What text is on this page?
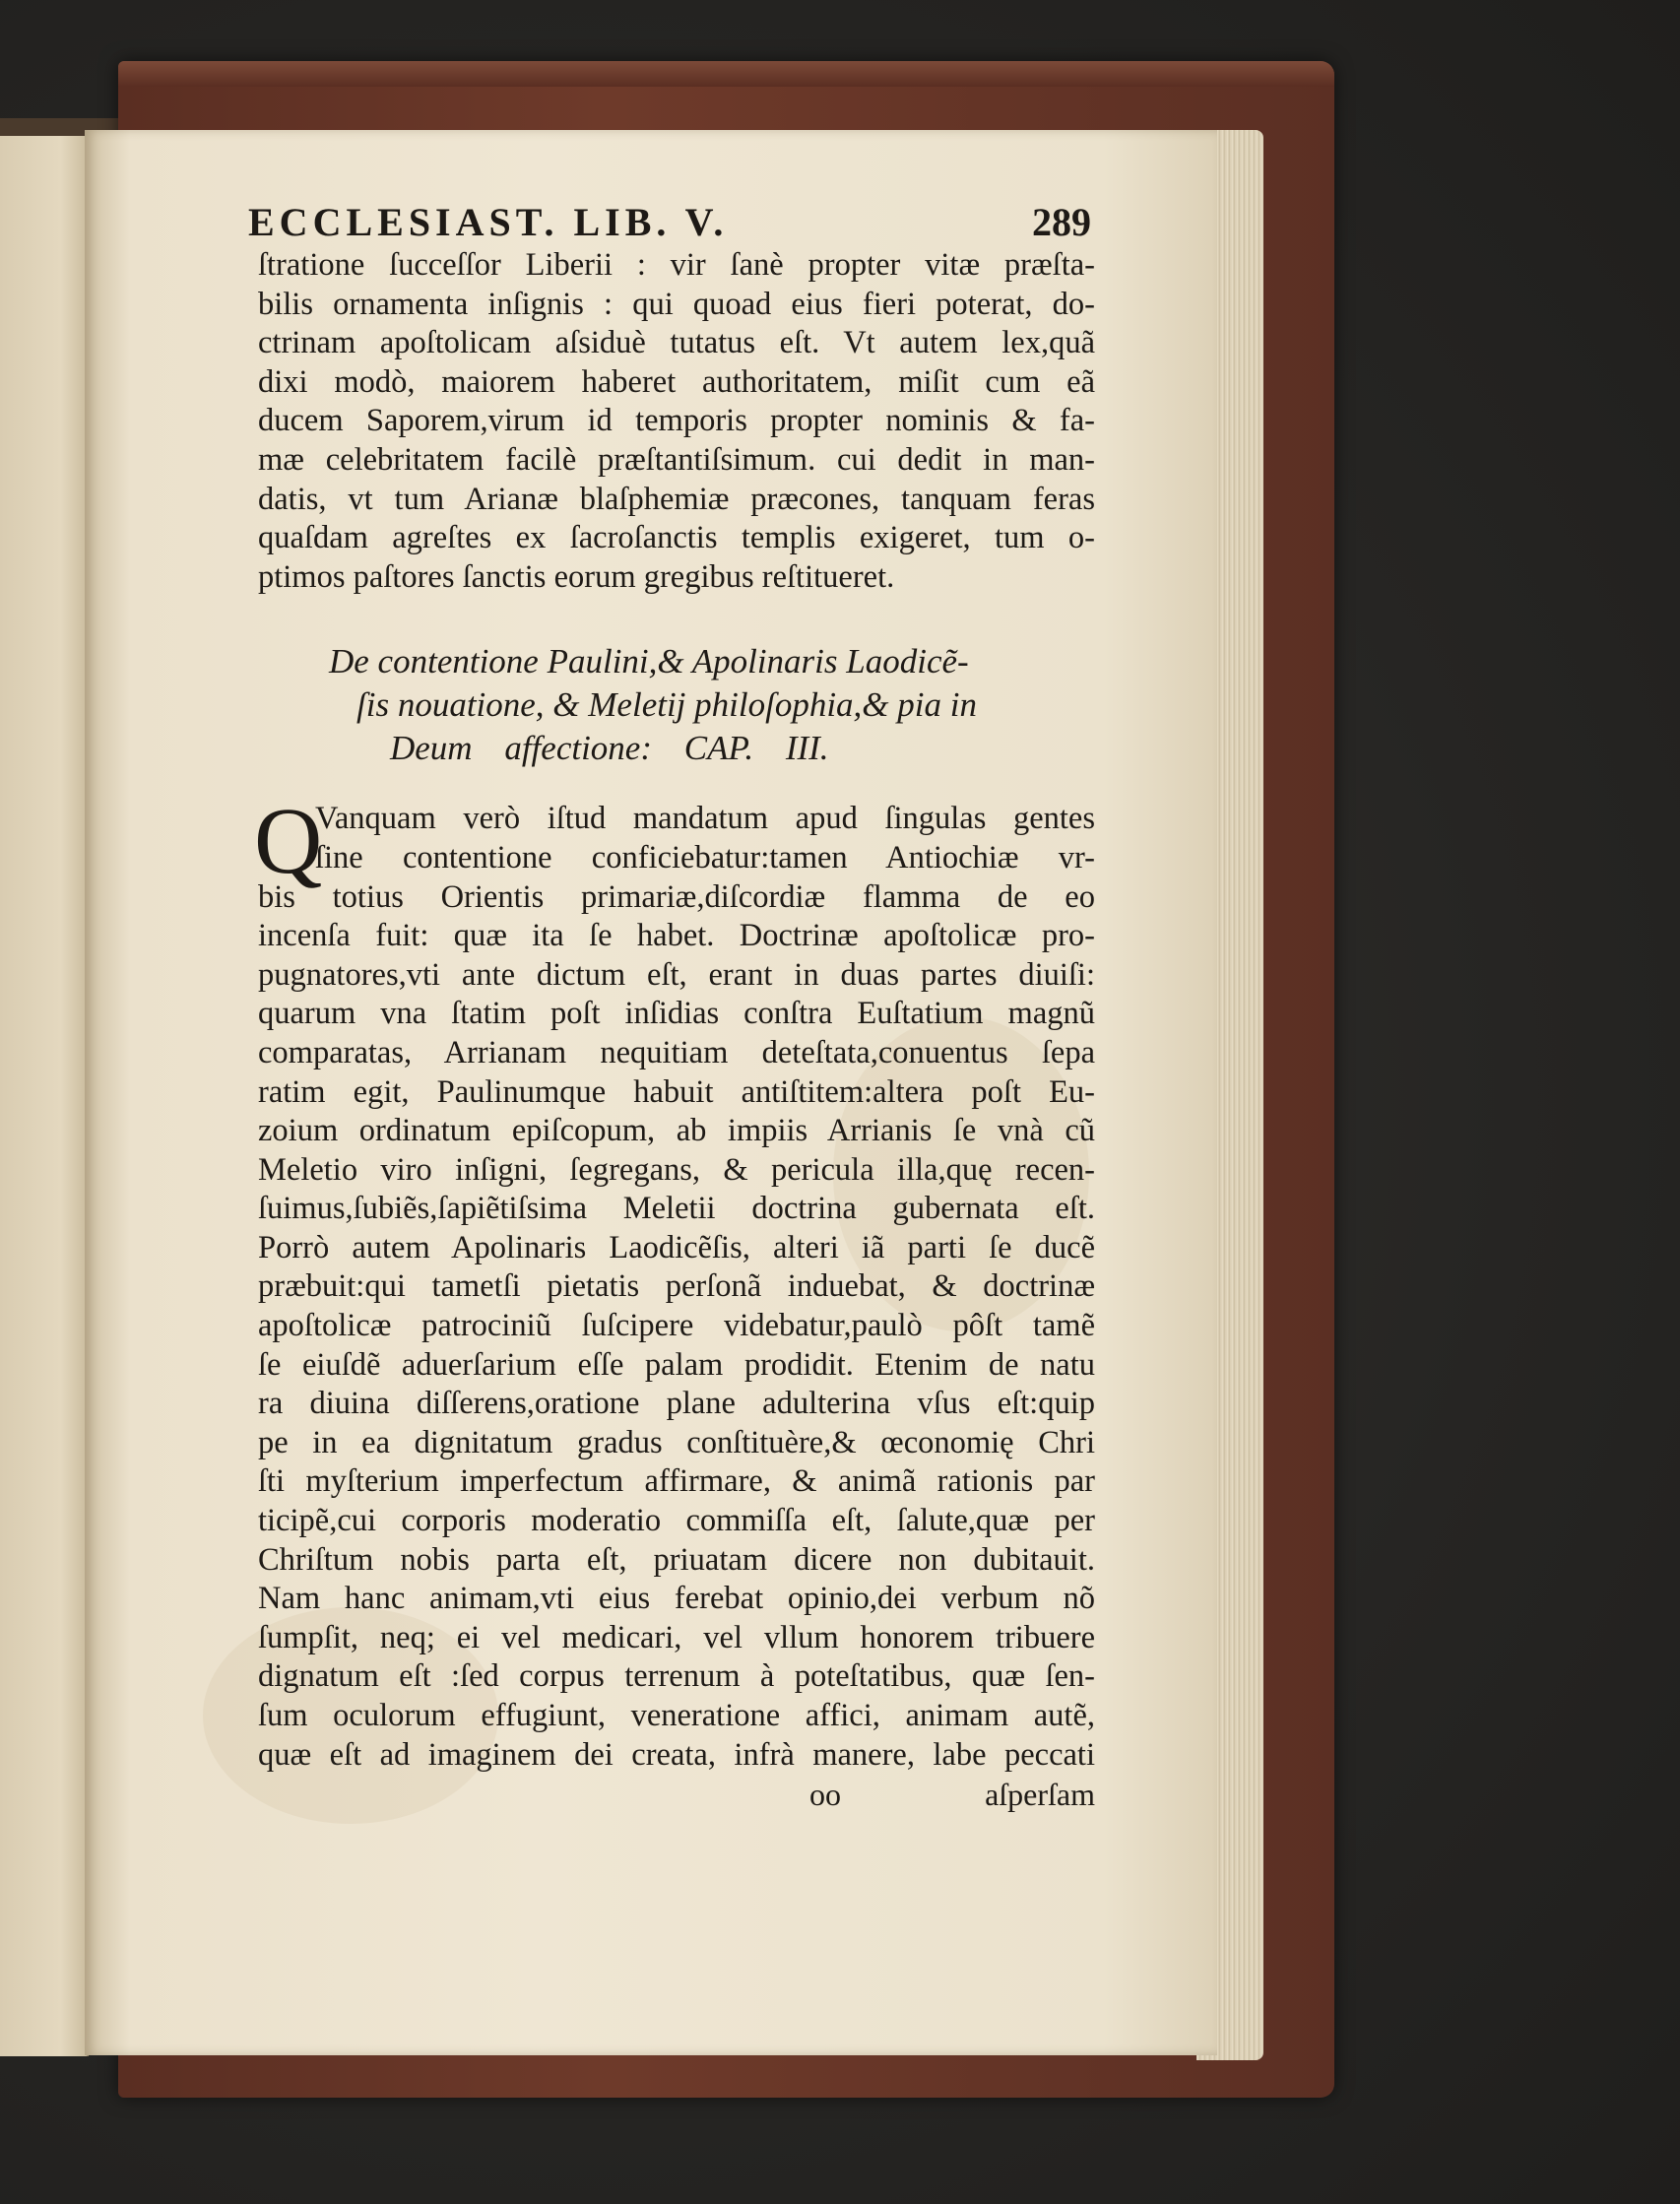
ECCLESIAST. LIB. V.	289
ſtratione ſucceſſor Liberii : vir ſanè propter vitæ præſta-
bilis ornamenta inſignis : qui quoad eius fieri poterat, do-
ctrinam apoſtolicam aſsiduè tutatus eſt. Vt autem lex,quã
dixi modò, maiorem haberet authoritatem, miſit cum eã
ducem Saporem,virum id temporis propter nominis & fa-
mæ celebritatem facilè præſtantiſsimum. cui dedit in man-
datis, vt tum Arianæ blaſphemiæ præcones, tanquam feras
quaſdam agreſtes ex ſacroſanctis templis exigeret, tum o-
ptimos paſtores ſanctis eorum gregibus reſtitueret.
De contentione Paulini,& Apolinaris Laodicẽ-
ſis nouatione, & Meletij philoſophia,& pia in
Deum affectione: CAP. III.
Q
Vanquam verò iſtud mandatum apud ſingulas gentes
ſine contentione conficiebatur:tamen Antiochiæ vr-
bis totius Orientis primariæ,diſcordiæ flamma de eo
incenſa fuit: quæ ita ſe habet. Doctrinæ apoſtolicæ pro-
pugnatores,vti ante dictum eſt, erant in duas partes diuiſi:
quarum vna ſtatim poſt inſidias conſtra Euſtatium magnũ
comparatas, Arrianam nequitiam deteſtata,conuentus ſepa
ratim egit, Paulinumque habuit antiſtitem:altera poſt Eu-
zoium ordinatum epiſcopum, ab impiis Arrianis ſe vnà cũ
Meletio viro inſigni, ſegregans, & pericula illa,quę recen-
ſuimus,ſubiẽs,ſapiẽtiſsima Meletii doctrina gubernata eſt.
Porrò autem Apolinaris Laodicẽſis, alteri iã parti ſe ducẽ
præbuit:qui tametſi pietatis perſonã induebat, & doctrinæ
apoſtolicæ patrociniũ ſuſcipere videbatur,paulò pôſt tamẽ
ſe eiuſdẽ aduerſarium eſſe palam prodidit. Etenim de natu
ra diuina diſſerens,oratione plane adulterina vſus eſt:quip
pe in ea dignitatum gradus conſtituère,& œconomię Chri
ſti myſterium imperfectum affirmare, & animã rationis par
ticipẽ,cui corporis moderatio commiſſa eſt, ſalute,quæ per
Chriſtum nobis parta eſt, priuatam dicere non dubitauit.
Nam hanc animam,vti eius ferebat opinio,dei verbum nõ
ſumpſit, neq; ei vel medicari, vel vllum honorem tribuere
dignatum eſt :ſed corpus terrenum à poteſtatibus, quæ ſen-
ſum oculorum effugiunt, veneratione affici, animam autẽ,
quæ eſt ad imaginem dei creata, infrà manere, labe peccati
oo	aſperſam
